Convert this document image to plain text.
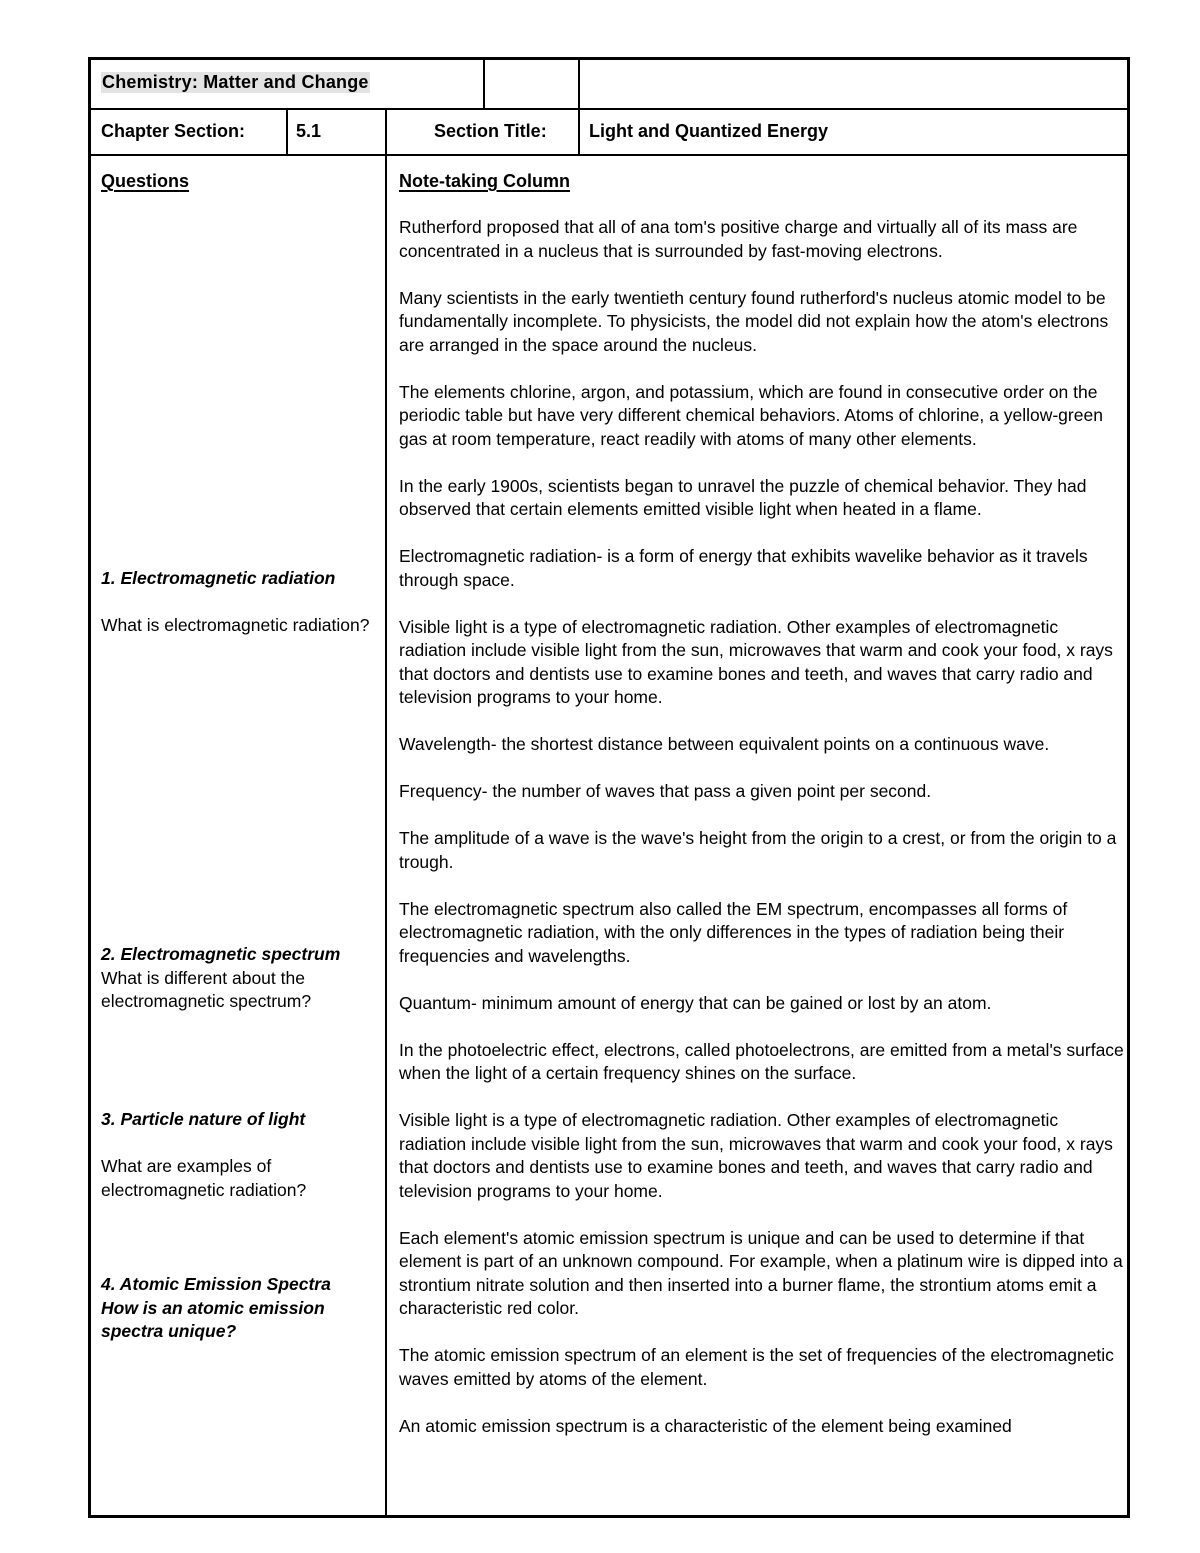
Chemistry: Matter and Change
Chapter Section:	5.1	Section Title: Light and Quantized Energy
Questions	Note-taking Column
1. Electromagnetic radiation
What is electromagnetic radiation?
2. Electromagnetic spectrum
What is different about the electromagnetic spectrum?
3. Particle nature of light
What are examples of electromagnetic radiation?
4. Atomic Emission Spectra
How is an atomic emission spectra unique?

Rutherford proposed that all of ana tom's positive charge and virtually all of its mass are concentrated in a nucleus that is surrounded by fast-moving electrons.

Many scientists in the early twentieth century found rutherford's nucleus atomic model to be fundamentally incomplete. To physicists, the model did not explain how the atom's electrons are arranged in the space around the nucleus.

The elements chlorine, argon, and potassium, which are found in consecutive order on the periodic table but have very different chemical behaviors. Atoms of chlorine, a yellow-green gas at room temperature, react readily with atoms of many other elements.

In the early 1900s, scientists began to unravel the puzzle of chemical behavior. They had observed that certain elements emitted visible light when heated in a flame.

Electromagnetic radiation- is a form of energy that exhibits wavelike behavior as it travels through space.

Visible light is a type of electromagnetic radiation. Other examples of electromagnetic radiation include visible light from the sun, microwaves that warm and cook your food, x rays that doctors and dentists use to examine bones and teeth, and waves that carry radio and television programs to your home.

Wavelength- the shortest distance between equivalent points on a continuous wave.

Frequency- the number of waves that pass a given point per second.

The amplitude of a wave is the wave's height from the origin to a crest, or from the origin to a trough.

The electromagnetic spectrum also called the EM spectrum, encompasses all forms of electromagnetic radiation, with the only differences in the types of radiation being their frequencies and wavelengths.

Quantum- minimum amount of energy that can be gained or lost by an atom.

In the photoelectric effect, electrons, called photoelectrons, are emitted from a metal's surface when the light of a certain frequency shines on the surface.

Visible light is a type of electromagnetic radiation. Other examples of electromagnetic radiation include visible light from the sun, microwaves that warm and cook your food, x rays that doctors and dentists use to examine bones and teeth, and waves that carry radio and television programs to your home.

Each element's atomic emission spectrum is unique and can be used to determine if that element is part of an unknown compound. For example, when a platinum wire is dipped into a strontium nitrate solution and then inserted into a burner flame, the strontium atoms emit a characteristic red color.

The atomic emission spectrum of an element is the set of frequencies of the electromagnetic waves emitted by atoms of the element.

An atomic emission spectrum is a characteristic of the element being examined
